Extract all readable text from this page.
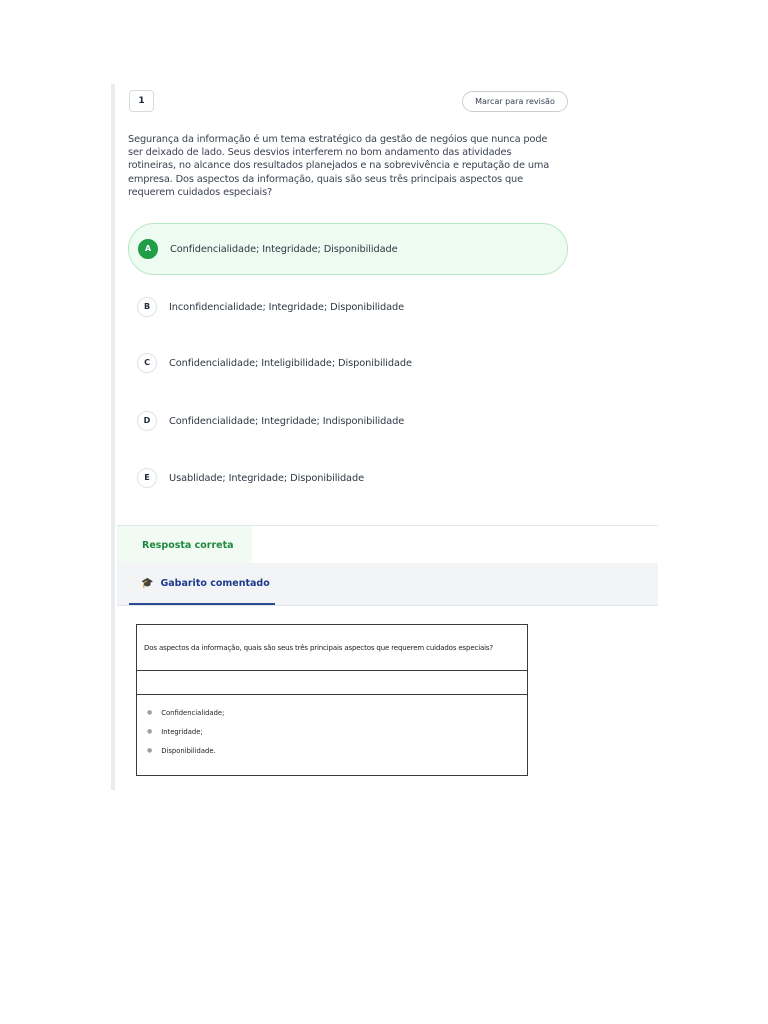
1	Marcar para revisão

Segurança da informação é um tema estratégico da gestão de negóios que nunca pode ser deixado de lado. Seus desvios interferem no bom andamento das atividades rotineiras, no alcance dos resultados planejados e na sobrevivência e reputação de uma empresa. Dos aspectos da informação, quais são seus três principais aspectos que requerem cuidados especiais?

A	Confidencialidade; Integridade; Disponibilidade
B	Inconfidencialidade; Integridade; Disponibilidade
C	Confidencialidade; Inteligibilidade; Disponibilidade
D	Confidencialidade; Integridade; Indisponibilidade
E	Usablidade; Integridade; Disponibilidade
Resposta correta
🎓 Gabarito comentado
Dos aspectos da informação, quais são seus três principais aspectos que requerem cuidados especiais?
● Confidencialidade;
● Integridade;
● Disponibilidade.
